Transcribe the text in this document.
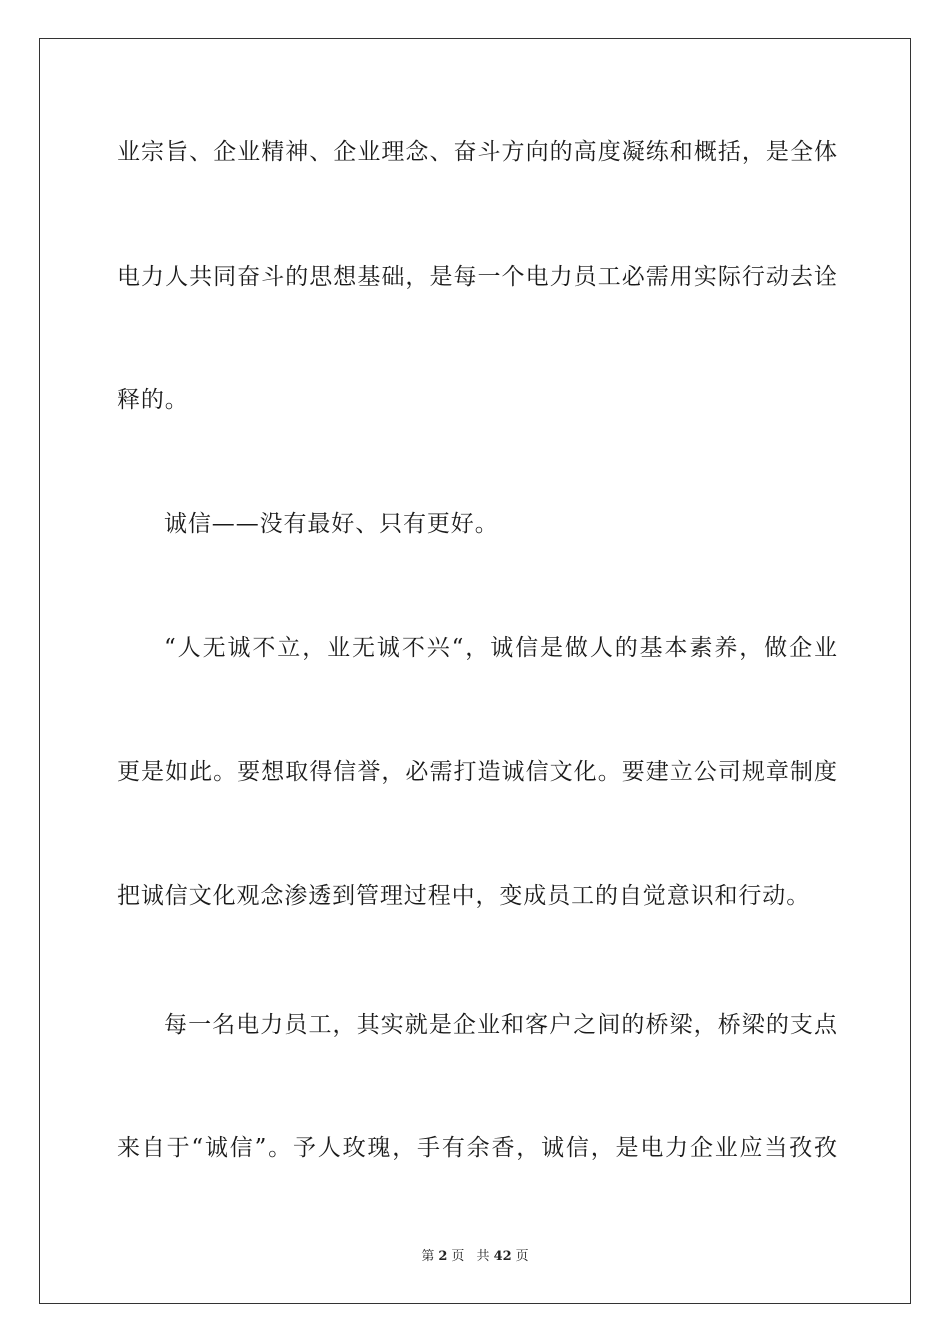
业宗旨、企业精神、企业理念、奋斗方向的高度凝练和概括，是全体
电力人共同奋斗的思想基础，是每一个电力员工必需用实际行动去诠
释的。
诚信——没有最好、只有更好。
“人无诚不立，业无诚不兴“，诚信是做人的基本素养，做企业
更是如此。要想取得信誉，必需打造诚信文化。要建立公司规章制度
把诚信文化观念渗透到管理过程中，变成员工的自觉意识和行动。
每一名电力员工，其实就是企业和客户之间的桥梁，桥梁的支点
来自于“诚信”。予人玫瑰，手有余香，诚信，是电力企业应当孜孜
第 2 页 共 42 页
